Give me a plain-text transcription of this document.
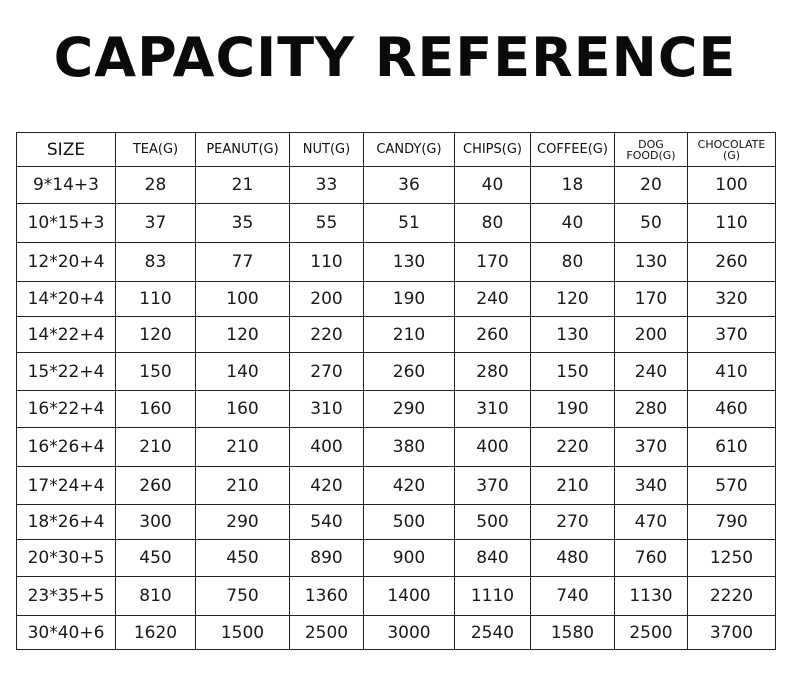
CAPACITY REFERENCE
SIZE	TEA(G)	PEANUT(G)	NUT(G)	CANDY(G)	CHIPS(G)	COFFEE(G)	DOG FOOD(G)	CHOCOLATE (G)
9*14+3	28	21	33	36	40	18	20	100
10*15+3	37	35	55	51	80	40	50	110
12*20+4	83	77	110	130	170	80	130	260
14*20+4	110	100	200	190	240	120	170	320
14*22+4	120	120	220	210	260	130	200	370
15*22+4	150	140	270	260	280	150	240	410
16*22+4	160	160	310	290	310	190	280	460
16*26+4	210	210	400	380	400	220	370	610
17*24+4	260	210	420	420	370	210	340	570
18*26+4	300	290	540	500	500	270	470	790
20*30+5	450	450	890	900	840	480	760	1250
23*35+5	810	750	1360	1400	1110	740	1130	2220
30*40+6	1620	1500	2500	3000	2540	1580	2500	3700
